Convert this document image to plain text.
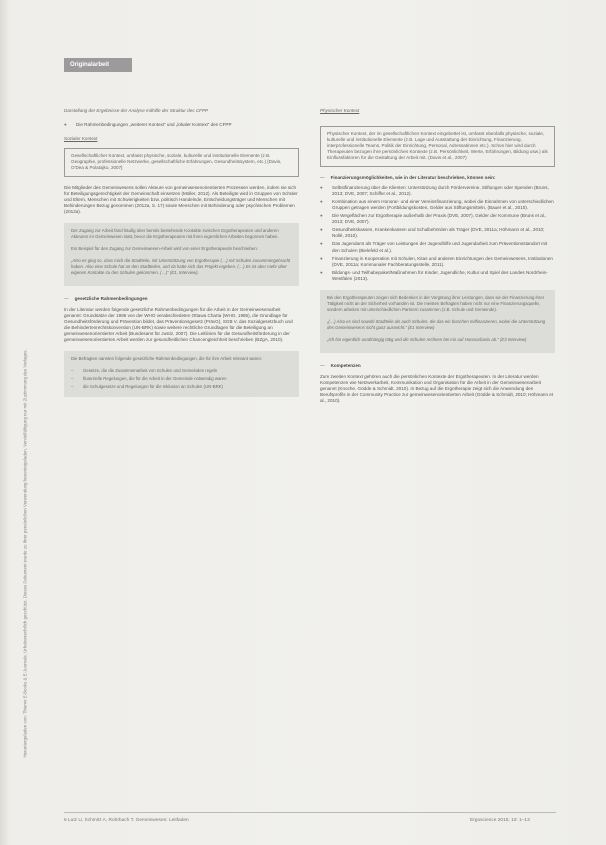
Originalarbeit
Heruntergeladen von: Thieme E-Books & E-Journals. Urheberrechtlich geschützt. Dieses Dokument wurde zu Ihrer persönlichen Verwendung heruntergeladen. Vervielfältigung nur mit Zustimmung des Verlages.
Darstellung der Ergebnisse der Analyse mithilfe der Struktur des CFPP
●	Die Rahmenbedingungen „weiterer Kontext“ und „lokaler Kontext“ des CFPP
Sozialer Kontext
Gesellschaftlicher Kontext, umfasst physische, soziale, kulturelle und institutionelle Elemente (z.B. Geographie, professionelle Netzwerke, gesellschaftliche Erfahrungen, Gesundheitssystem, etc.) [Davis, O'Dea & Polatajko, 2007]
Die Mitglieder des Gemeinwesens sollen Akteure von gemeinwesenorientierten Prozessen werden, indem sie sich für Beteiligungsgerechtigkeit der Gemeinschaft einsetzen (Müller, 2012). Als Beteiligte wird in Gruppen von Schüler und Eltern, Menschen mit Schwierigkeiten bzw. politisch Handelnde, Entscheidungsträger und Menschen mit Behinderungen Bezug genommen (2012a, S. 17) sowie Menschen mit Behinderung oder psychischen Problemen (2012a).

Der Zugang zur Arbeit fand häufig über bereits bestehende Kontakte zwischen Ergotherapeuten und anderen Akteuren im Gemeinwesen statt, bevor die Ergotherapeuten mit ihren eigentlichen Arbeiten begonnen haben.

Ein Beispiel für den Zugang zur Gemeinwesen-Arbeit wird von einer Ergotherapeutin beschrieben:

„Also es ging so, dass mich die Stadtteile, mit Unterstützung von Ergotherapie (…) mit Schulen zusammengebracht haben. Also eine Schule hat an den Stadtteilen, und da hatte sich das Projekt ergeben. (…) Es ist aber mehr über eigenen Kontakte zu den Schulen gekommen. (…)“ (E1, Interview).

— gesetzliche Rahmenbedingungen
In der Literatur werden folgende gesetzliche Rahmenbedingungen für die Arbeit in der Gemeinwesenarbeit genannt: Grundsätze der 1986 von der WHO verabschiedeten Ottawa Charta (WHO, 1986), die Grundlage für Gesundheitsförderung und Prävention bildet, das Präventionsgesetz (PrävG), SGB V, das Sozialgesetzbuch und die Behindertenrechtskonvention (UN-BRK) sowie weitere rechtliche Grundlagen für die Beteiligung an gemeinwesenorientierter Arbeit (Bundesamt für Justiz, 2007). Die Leitlinien für die Gesundheitsförderung in der gemeinwesenorientierten Arbeit werden zur gesundheitlichen Chancengleichheit beschrieben (BZgA, 2010).

Die Befragten nannten folgende gesetzliche Rahmenbedingungen, die für ihre Arbeit relevant waren:

–	Gesetze, die die Zusammenarbeit von Schulen und Gemeinden regeln
–	finanzielle Regelungen, die für die Arbeit in der Gemeinde notwendig waren
–	die Schulgesetze und Regelungen für die Inklusion an Schulen (UN-BRK)
Physischer Kontext
Physischer Kontext, der im gesellschaftlichen Kontext eingebettet ist, umfasst ebenfalls physische, soziale, kulturelle und institutionelle Elemente (z.B. Lage und Ausstattung der Einrichtung, Finanzierung, interprofessionelle Teams, Politik der Einrichtung, Personal, Adressatinnen etc.). Schon hier wird durch Therapeuten bezogen ihre persönlichen Kontexte (z.B. Persönlichkeit, Werte, Erfahrungen, Bildung usw.) als Einflussfaktoren für die Gestaltung der Arbeit mit. (Davis et al., 2007)
— Finanzierungsmöglichkeiten, wie in der Literatur beschrieben, können sein:
●	Selbstfinanzierung über die Klienten: Unterstützung durch Fördervereine, Stiftungen oder Spenden (Bruns, 2013; DVE, 2007; Schiffer et al., 2012).
●	Kombination aus einem Honorar- und einer Vereinsfinanzierung, wobei die Einnahmen von unterschiedlichen Gruppen getragen werden (Fortbildungskosten, Gelder aus Stiftungsmitteln, (Bauer et al., 2010).
●	Die Wegeflächen zur Ergotherapie außerhalb der Praxis (DVE, 2007), Gelder der Kommune (Bruns et al., 2013; DVE, 2007).
●	Gesundheitskassen, Krankenkassen und Schulbehörden als Träger (DVE, 2011a; Höhmann et al., 2010; Nollé, 2010).
●	Das Jugendamt als Träger von Leistungen der Jugendhilfe und Jugendarbeit zum Präventionsstandort mit den Schulen (Bielefeld et al.).
●	Finanzierung in Kooperation mit Schulen, Kitas und anderen Einrichtungen des Gemeinwesens, Institutionen (DVE, 2011a; Kommunaler Fachberatungsstelle, 2011).
●	Bildungs- und Teilhabepaket/Maßnahmen für Kinder, Jugendliche, Kultur und Spiel des Landes Nordrhein-Westfalen (2013).

Bei den Ergotherapeuten zeigen sich Bedenken in der Vergütung ihrer Leistungen, dass sie der Finanzierung ihrer Tätigkeit nicht an der Sicherheit vorhanden ist. Die meisten Befragten haben nicht nur eine Finanzierungsquelle, sondern arbeiten mit unterschiedlichen Partnern zusammen (z.B. Schule und Gemeinde).

„(…) Also es sind sowohl Stadtteile als auch Schulen, die das ein bisschen mitfinanzieren, wobei die Unterstützung des Gemeinwesens nicht ganz ausreicht.“ (E1 Interview)

„Ich bin eigentlich unabhängig tätig und die Schulen rechnen bei mir auf Honorarbasis ab.“ (E3 Interview)

— Kompetenzen
Zum zweiten Kontext gehören auch die persönlichen Kontexte der Ergotherapeuten. In der Literatur werden Kompetenzen wie Netzwerkarbeit, Kommunikation und Organisation für die Arbeit in der Gemeinwesenarbeit genannt (Knoche, Gödde & Schmidt, 2010). In Bezug auf die Ergotherapie zeigt sich die Anwendung des Berufsprofils in der Community Practice zur gemeinwesenorientierten Arbeit (Gödde & Schmidt, 2010; Höhmann et al., 2010).
6 Lutz U, Schmitz A, Rohrbach T. Gemeinwesen: Leitfaden	Ergoscience 2015; 10: 1–13
